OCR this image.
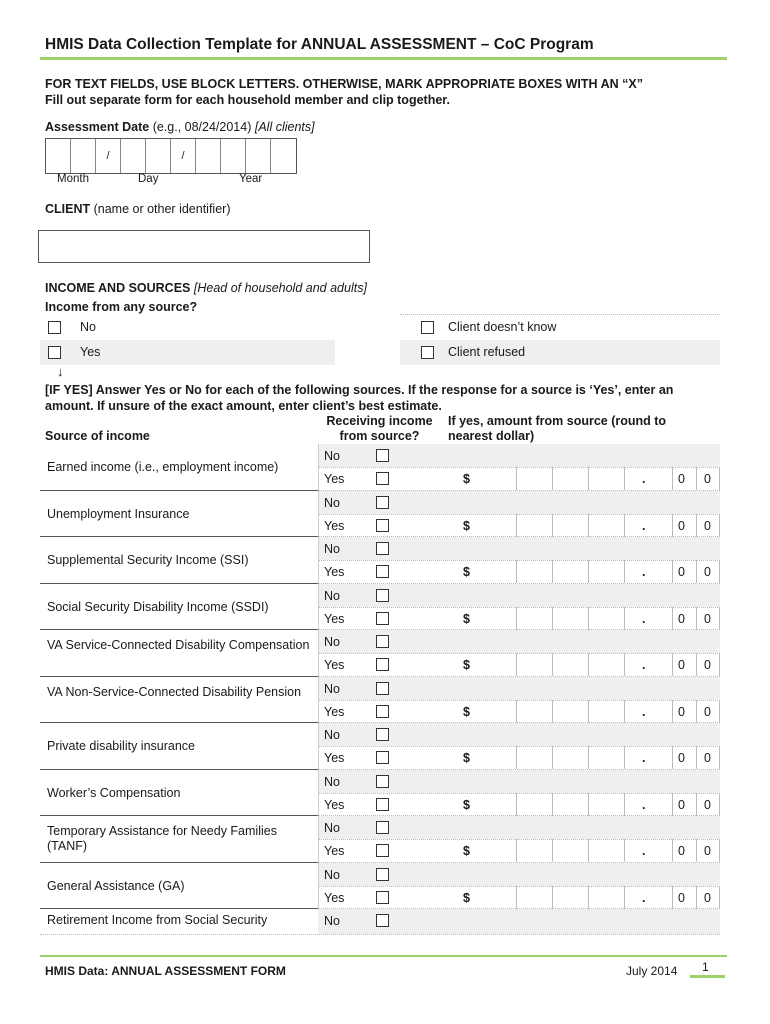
HMIS Data Collection Template for ANNUAL ASSESSMENT – CoC Program
FOR TEXT FIELDS, USE BLOCK LETTERS. OTHERWISE, MARK APPROPRIATE BOXES WITH AN “X”
Fill out separate form for each household member and clip together.
Assessment Date (e.g., 08/24/2014) [All clients]
/	/
Month	Day	Year
CLIENT (name or other identifier)
INCOME AND SOURCES [Head of household and adults]
Income from any source?
No	Client doesn’t know
Yes	Client refused
↓
[IF YES] Answer Yes or No for each of the following sources. If the response for a source is ‘Yes’, enter an
amount. If unsure of the exact amount, enter client’s best estimate.
Source of income
Receiving income
from source?
If yes, amount from source (round to
nearest dollar)
Earned income (i.e., employment income)
No
Yes	$	.	0 0
Unemployment Insurance
No
Yes	$	.	0 0
Supplemental Security Income (SSI)
No
Yes	$	.	0 0
Social Security Disability Income (SSDI)
No
Yes	$	.	0 0
VA Service-Connected Disability Compensation	No
Yes	$	.	0 0
VA Non-Service-Connected Disability Pension	No
Yes	$	.	0 0
Private disability insurance
No
Yes	$	.	0 0
Worker’s Compensation
No
Yes	$	.	0 0
Temporary Assistance for Needy Families (TANF)
No
Yes	$	.	0 0
General Assistance (GA)
No
Yes	$	.	0 0
Retirement Income from Social Security	No
HMIS Data: ANNUAL ASSESSMENT FORM	July 2014 1
